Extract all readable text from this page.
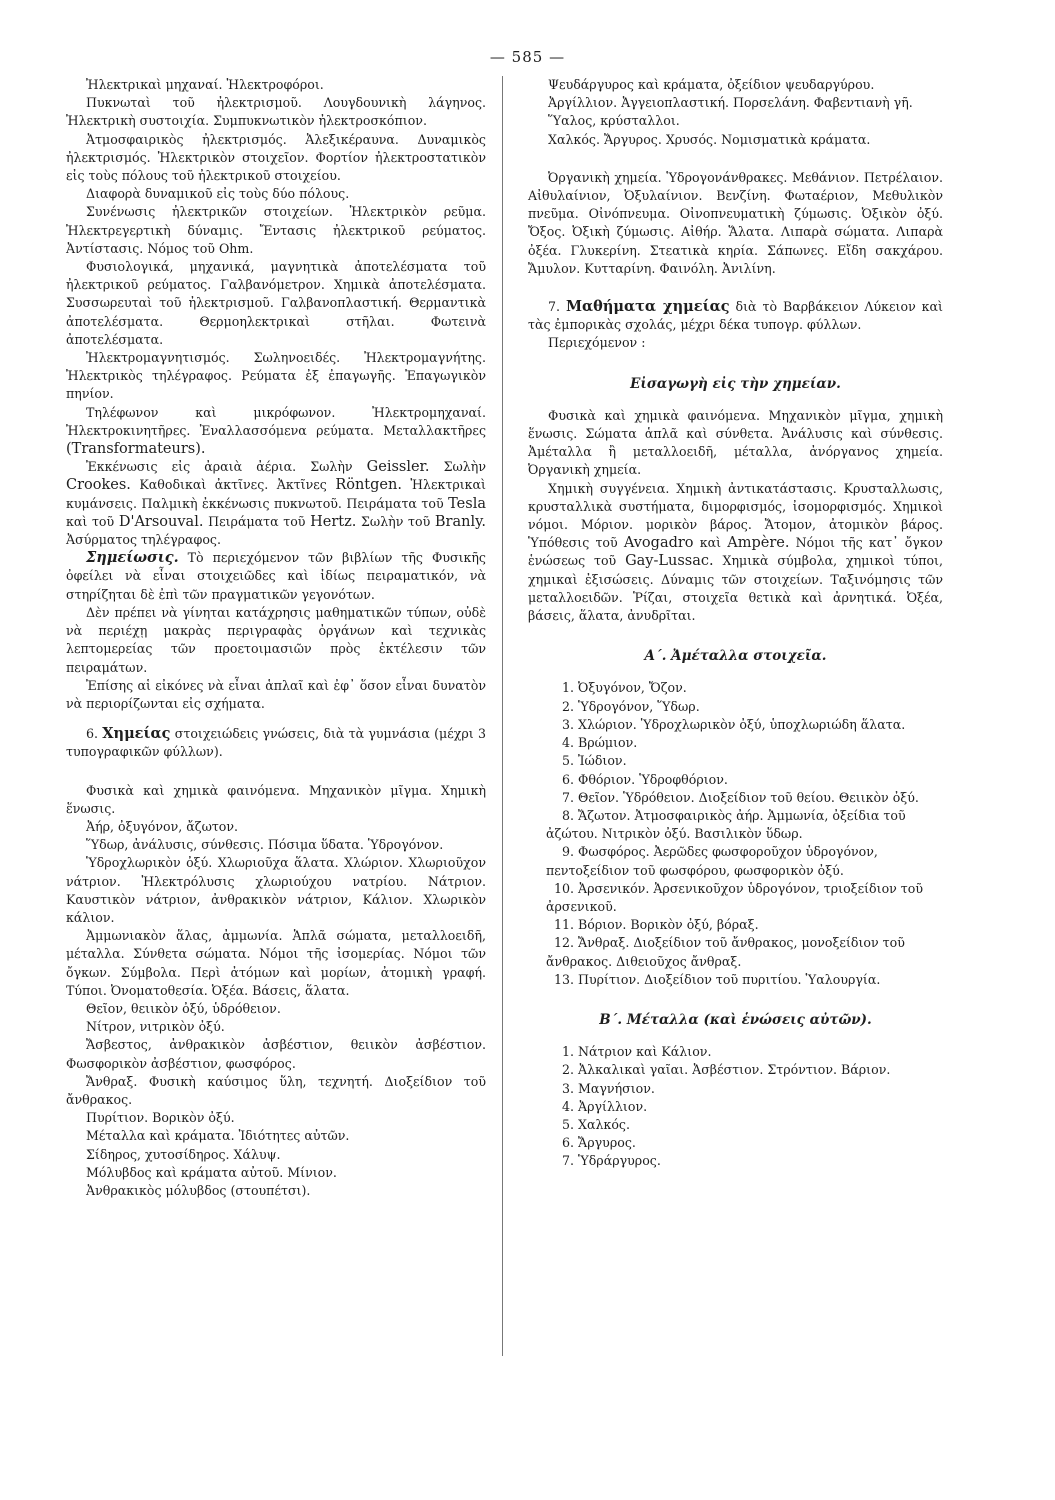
— 585 —

Ἠλεκτρικαὶ μηχαναί. Ἠλεκτροφόροι.

Πυκνωταὶ τοῦ ἠλεκτρισμοῦ. Λουγδουνικὴ λάγηνος. Ἠλεκτρικὴ συστοιχία. Συμπυκνωτικὸν ἠλεκτροσκόπιον.

Ἀτμοσφαιρικὸς ἠλεκτρισμός. Ἀλεξικέραυνα. Δυναμικὸς ἠλεκτρισμός. Ἠλεκτρικὸν στοιχεῖον. Φορτίον ἠλεκτροστατικὸν εἰς τοὺς πόλους τοῦ ἠλεκτρικοῦ στοιχείου.

Διαφορὰ δυναμικοῦ εἰς τοὺς δύο πόλους.

Συνένωσις ἠλεκτρικῶν στοιχείων. Ἠλεκτρικὸν ρεῦμα. Ἠλεκτρεγερτικὴ δύναμις. Ἔντασις ἠλεκτρικοῦ ρεύματος. Ἀντίστασις. Νόμος τοῦ Ohm.

Φυσιολογικά, μηχανικά, μαγνητικὰ ἀποτελέσματα τοῦ ἠλεκτρικοῦ ρεύματος. Γαλβανόμετρον. Χημικὰ ἀποτελέσματα. Συσσωρευταὶ τοῦ ἠλεκτρισμοῦ. Γαλβανοπλαστική. Θερμαντικὰ ἀποτελέσματα. Θερμοηλεκτρικαὶ στῆλαι. Φωτεινὰ ἀποτελέσματα.

Ἠλεκτρομαγνητισμός. Σωληνοειδές. Ἠλεκτρομαγνήτης. Ἠλεκτρικὸς τηλέγραφος. Ρεύματα ἐξ ἐπαγωγῆς. Ἐπαγωγικὸν πηνίον.

Τηλέφωνον καὶ μικρόφωνον. Ἠλεκτρομηχαναί. Ἠλεκτροκινητῆρες. Ἐναλλασσόμενα ρεύματα. Μεταλλακτῆρες (Transformateurs).

Ἐκκένωσις εἰς ἀραιὰ ἀέρια. Σωλὴν Geissler. Σωλὴν Crookes. Καθοδικαὶ ἀκτῖνες. Ἀκτῖνες Röntgen. Ἠλεκτρικαὶ κυμάνσεις. Παλμικὴ ἐκκένωσις πυκνωτοῦ. Πειράματα τοῦ Tesla καὶ τοῦ D'Arsouval. Πειράματα τοῦ Hertz. Σωλὴν τοῦ Branly. Ἀσύρματος τηλέγραφος.

Σημείωσις. Τὸ περιεχόμενον τῶν βιβλίων τῆς Φυσικῆς ὀφείλει νὰ εἶναι στοιχειῶδες καὶ ἰδίως πειραματικόν, νὰ στηρίζηται δὲ ἐπὶ τῶν πραγματικῶν γεγονότων.

Δὲν πρέπει νὰ γίνηται κατάχρησις μαθηματικῶν τύπων, οὐδὲ νὰ περιέχῃ μακρὰς περιγραφὰς ὀργάνων καὶ τεχνικὰς λεπτομερείας τῶν προετοιμασιῶν πρὸς ἐκτέλεσιν τῶν πειραμάτων.

Ἐπίσης αἱ εἰκόνες νὰ εἶναι ἁπλαῖ καὶ ἐφ᾿ ὅσον εἶναι δυνατὸν νὰ περιορίζωνται εἰς σχήματα.

6. Χημείας στοιχειώδεις γνώσεις, διὰ τὰ γυμνάσια (μέχρι 3 τυπογραφικῶν φύλλων).

Φυσικὰ καὶ χημικὰ φαινόμενα. Μηχανικὸν μῖγμα. Χημικὴ ἕνωσις.

Ἀήρ, ὀξυγόνον, ἄζωτον.

Ὕδωρ, ἀνάλυσις, σύνθεσις. Πόσιμα ὕδατα. Ὑδρογόνον.

Ὑδροχλωρικὸν ὀξύ. Χλωριοῦχα ἅλατα. Χλώριον. Χλωριοῦχον νάτριον. Ἠλεκτρόλυσις χλωριούχου νατρίου. Νάτριον. Καυστικὸν νάτριον, ἀνθρακικὸν νάτριον, Κάλιον. Χλωρικὸν κάλιον.

Ἀμμωνιακὸν ἅλας, ἀμμωνία. Ἁπλᾶ σώματα, μεταλλοειδῆ, μέταλλα. Σύνθετα σώματα. Νόμοι τῆς ἰσομερίας. Νόμοι τῶν ὄγκων. Σύμβολα. Περὶ ἀτόμων καὶ μορίων, ἀτομικὴ γραφή. Τύποι. Ὀνοματοθεσία. Ὀξέα. Βάσεις, ἅλατα.

Θεῖον, θειικὸν ὀξύ, ὑδρόθειον.

Νίτρον, νιτρικὸν ὀξύ.

Ἄσβεστος, ἀνθρακικὸν ἀσβέστιον, θειικὸν ἀσβέστιον. Φωσφορικὸν ἀσβέστιον, φωσφόρος.

Ἄνθραξ. Φυσικὴ καύσιμος ὕλη, τεχνητή. Διοξείδιον τοῦ ἄνθρακος.

Πυρίτιον. Βορικὸν ὀξύ.

Μέταλλα καὶ κράματα. Ἰδιότητες αὐτῶν.

Σίδηρος, χυτοσίδηρος. Χάλυψ.

Μόλυβδος καὶ κράματα αὐτοῦ. Μίνιον.

Ἀνθρακικὸς μόλυβδος (στουπέτσι).

Ψευδάργυρος καὶ κράματα, ὀξείδιον ψευδαργύρου.

Ἀργίλλιον. Ἀγγειοπλαστική. Πορσελάνη. Φαβεντιανὴ γῆ.

Ὕαλος, κρύσταλλοι.

Χαλκός. Ἄργυρος. Χρυσός. Νομισματικὰ κράματα.

Ὀργανικὴ χημεία. Ὑδρογονάνθρακες. Μεθάνιον. Πετρέλαιον. Αἰθυλαίνιον, Ὀξυλαίνιον. Βενζίνη. Φωταέριον, Μεθυλικὸν πνεῦμα. Οἰνόπνευμα. Οἰνοπνευματικὴ ζύμωσις. Ὀξικὸν ὀξύ. Ὄξος. Ὀξικὴ ζύμωσις. Αἰθήρ. Ἅλατα. Λιπαρὰ σώματα. Λιπαρὰ ὀξέα. Γλυκερίνη. Στεατικὰ κηρία. Σάπωνες. Εἴδη σακχάρου. Ἄμυλον. Κυτταρίνη. Φαινόλη. Ἀνιλίνη.

7. Μαθήματα χημείας διὰ τὸ Βαρβάκειον Λύκειον καὶ τὰς ἐμπορικὰς σχολάς, μέχρι δέκα τυπογρ. φύλλων.

Περιεχόμενον :

Εἰσαγωγὴ εἰς τὴν χημείαν.

Φυσικὰ καὶ χημικὰ φαινόμενα. Μηχανικὸν μῖγμα, χημικὴ ἕνωσις. Σώματα ἁπλᾶ καὶ σύνθετα. Ἀνάλυσις καὶ σύνθεσις. Ἀμέταλλα ἢ μεταλλοειδῆ, μέταλλα, ἀνόργανος χημεία. Ὀργανικὴ χημεία.

Χημικὴ συγγένεια. Χημικὴ ἀντικατάστασις. Κρυσταλλωσις, κρυσταλλικὰ συστήματα, διμορφισμός, ἰσομορφισμός. Χημικοὶ νόμοι. Μόριον. μορικὸν βάρος. Ἄτομον, ἀτομικὸν βάρος. Ὑπόθεσις τοῦ Avogadro καὶ Ampère. Νόμοι τῆς κατ᾿ ὄγκον ἑνώσεως τοῦ Gay-Lussac. Χημικὰ σύμβολα, χημικοὶ τύποι, χημικαὶ ἐξισώσεις. Δύναμις τῶν στοιχείων. Ταξινόμησις τῶν μεταλλοειδῶν. Ῥίζαι, στοιχεῖα θετικὰ καὶ ἀρνητικά. Ὀξέα, βάσεις, ἅλατα, ἀνυδρῖται.

Α΄. Ἀμέταλλα στοιχεῖα.
1. Ὀξυγόνον, Ὄζον.
2. Ὑδρογόνον, Ὕδωρ.
3. Χλώριον. Ὑδροχλωρικὸν ὀξύ, ὑποχλωριώδη ἅλατα.
4. Βρώμιον.
5. Ἰώδιον.
6. Φθόριον. Ὑδροφθόριον.
7. Θεῖον. Ὑδρόθειον. Διοξείδιον τοῦ θείου. Θειικὸν ὀξύ.
8. Ἄζωτον. Ἀτμοσφαιρικὸς ἀήρ. Ἀμμωνία, ὀξείδια τοῦ ἀζώτου. Νιτρικὸν ὀξύ. Βασιλικὸν ὕδωρ.
9. Φωσφόρος. Ἀερῶδες φωσφοροῦχον ὑδρογόνον, πεντοξείδιον τοῦ φωσφόρου, φωσφορικὸν ὀξύ.
10. Ἀρσενικόν. Ἀρσενικοῦχον ὑδρογόνον, τριοξείδιον τοῦ ἀρσενικοῦ.
11. Βόριον. Βορικὸν ὀξύ, βόραξ.
12. Ἄνθραξ. Διοξείδιον τοῦ ἄνθρακος, μονοξείδιον τοῦ ἄνθρακος. Διθειοῦχος ἄνθραξ.
13. Πυρίτιον. Διοξείδιον τοῦ πυριτίου. Ὑαλουργία.
Β΄. Μέταλλα (καὶ ἑνώσεις αὐτῶν).
1. Νάτριον καὶ Κάλιον.
2. Ἀλκαλικαὶ γαῖαι. Ἀσβέστιον. Στρόντιον. Βάριον.
3. Μαγνήσιον.
4. Ἀργίλλιον.
5. Χαλκός.
6. Ἄργυρος.
7. Ὑδράργυρος.
